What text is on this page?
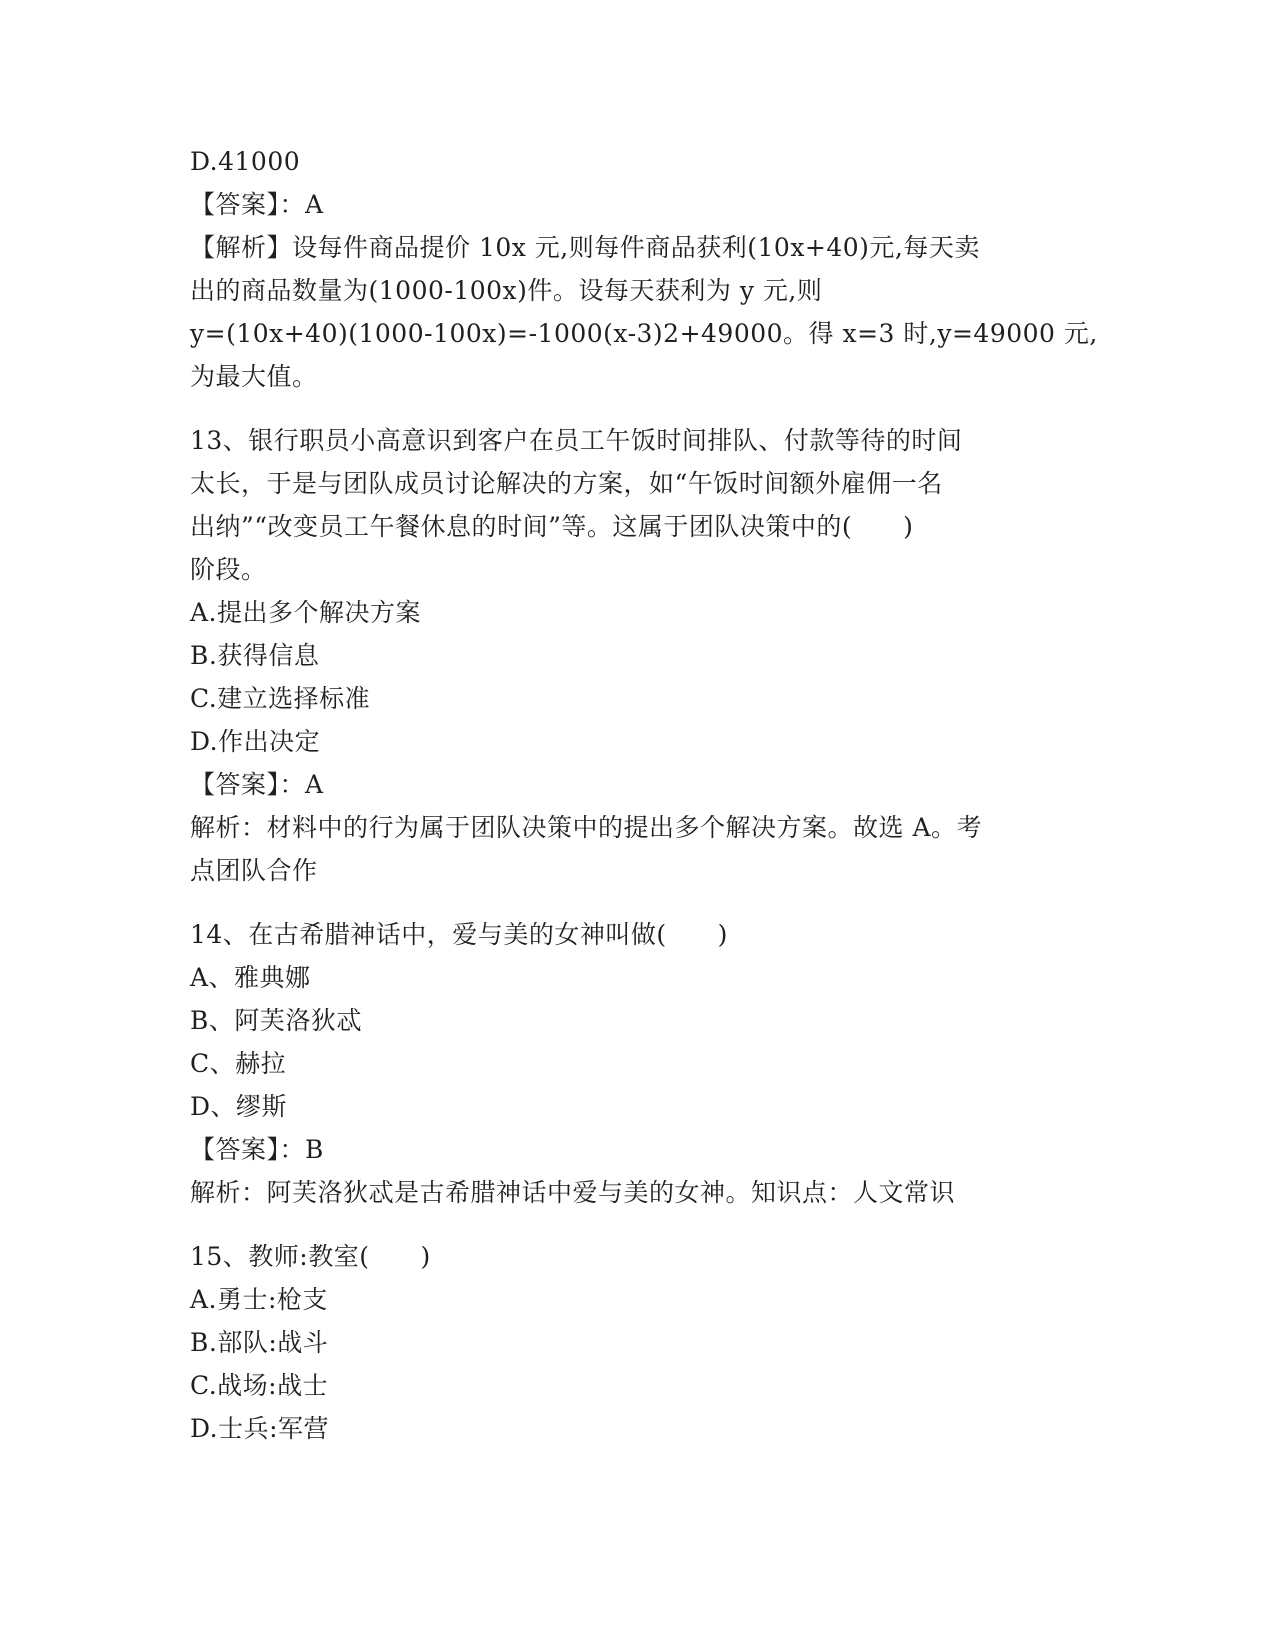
D.41000
【答案】：A
【解析】设每件商品提价 10x 元,则每件商品获利(10x+40)元,每天卖
出的商品数量为(1000-100x)件。设每天获利为 y 元,则
y=(10x+40)(1000-100x)=-1000(x-3)2+49000。得 x=3 时,y=49000 元,
为最大值。
13、银行职员小高意识到客户在员工午饭时间排队、付款等待的时间
太长，于是与团队成员讨论解决的方案，如“午饭时间额外雇佣一名
出纳”“改变员工午餐休息的时间”等。这属于团队决策中的(　　)
阶段。
A.提出多个解决方案
B.获得信息
C.建立选择标准
D.作出决定
【答案】：A
解析：材料中的行为属于团队决策中的提出多个解决方案。故选 A。考
点团队合作
14、在古希腊神话中，爱与美的女神叫做(　　)
A、雅典娜
B、阿芙洛狄忒
C、赫拉
D、缪斯
【答案】：B
解析：阿芙洛狄忒是古希腊神话中爱与美的女神。知识点：人文常识
15、教师:教室(　　)
A.勇士:枪支
B.部队:战斗
C.战场:战士
D.士兵:军营
